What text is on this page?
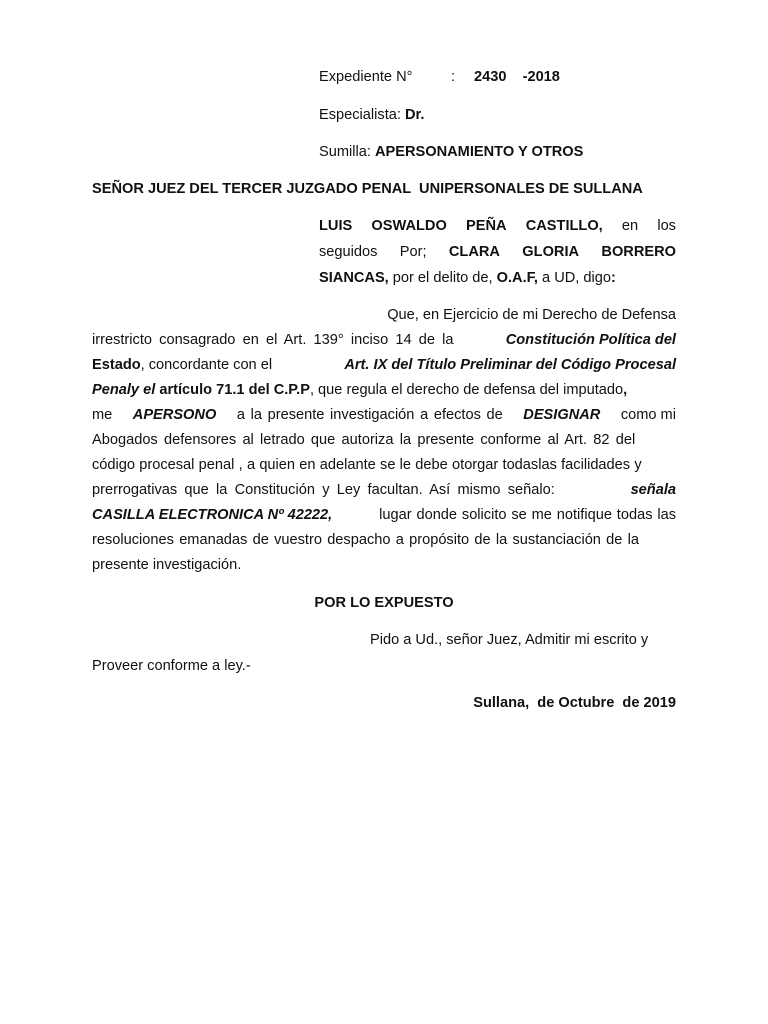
Expediente N°	: 2430 -2018
Especialista: Dr.
Sumilla: APERSONAMIENTO Y OTROS
SEÑOR JUEZ DEL TERCER JUZGADO PENAL  UNIPERSONALES DE SULLANA
LUIS OSWALDO PEÑA CASTILLO, en los
seguidos Por; CLARA GLORIA BORRERO
SIANCAS, por el delito de, O.A.F, a UD, digo:
Que, en Ejercicio de mi Derecho de Defensa
irrestricto consagrado en el Art. 139° inciso 14 de la	Constitución Política del
Estado, concordante con el	Art. IX del Título Preliminar del Código Procesal
Penaly el artículo 71.1 del C.P.P, que regula el derecho de defensa del imputado,
me APERSONO a la presente investigación a efectos de DESIGNAR como mi
Abogados defensores al letrado que autoriza la presente conforme al Art. 82 del
código procesal penal , a quien en adelante se le debe otorgar todaslas facilidades y
prerrogativas que la Constitución y Ley facultan. Así mismo señalo:	señala
CASILLA ELECTRONICA Nº 42222,	lugar donde solicito se me notifique todas las
resoluciones emanadas de vuestro despacho a propósito de la sustanciación de la
presente investigación.
POR LO EXPUESTO
Pido a Ud., señor Juez, Admitir mi escrito y
Proveer conforme a ley.-
Sullana,  de Octubre  de 2019
